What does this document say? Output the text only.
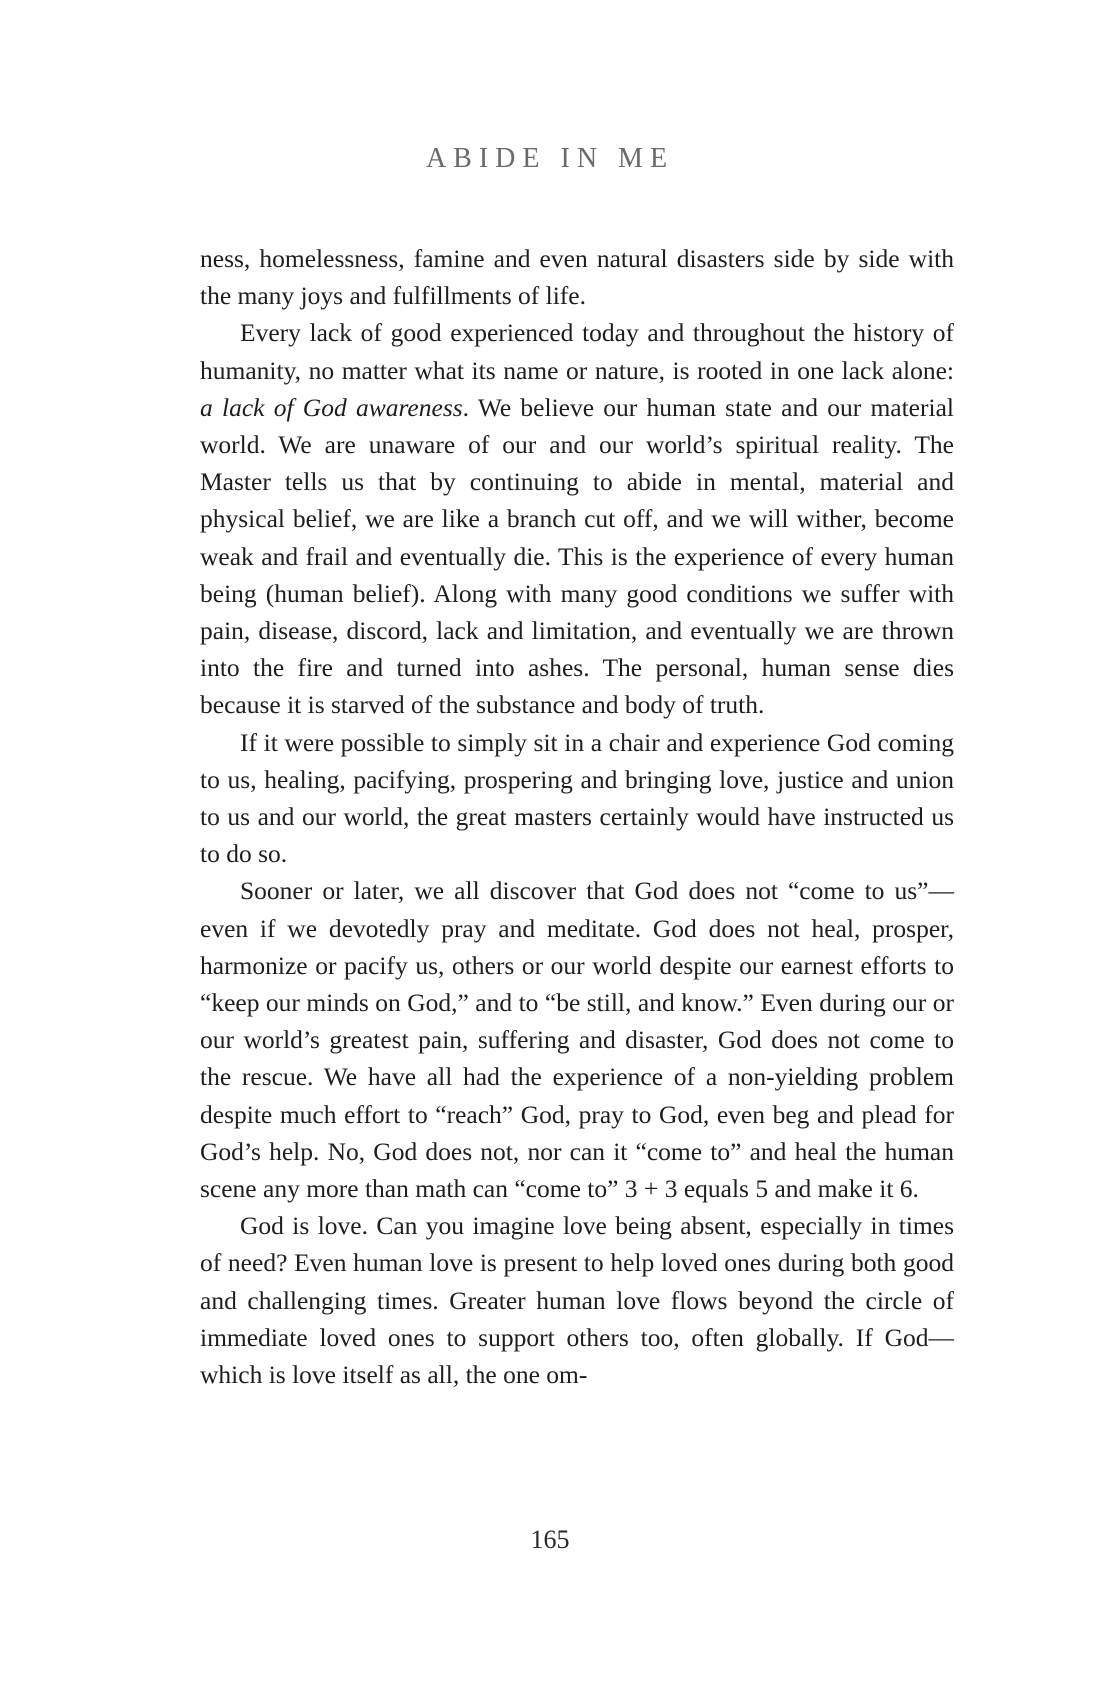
ABIDE IN ME

ness, homelessness, famine and even natural disasters side by side with the many joys and fulfillments of life.

Every lack of good experienced today and throughout the history of humanity, no matter what its name or nature, is rooted in one lack alone: a lack of God awareness. We believe our human state and our material world. We are unaware of our and our world’s spiritual reality. The Master tells us that by continuing to abide in mental, material and physical belief, we are like a branch cut off, and we will wither, become weak and frail and eventually die. This is the experience of every human being (human belief). Along with many good conditions we suffer with pain, disease, discord, lack and limitation, and eventually we are thrown into the fire and turned into ashes. The personal, human sense dies because it is starved of the substance and body of truth.

If it were possible to simply sit in a chair and experience God coming to us, healing, pacifying, prospering and bringing love, justice and union to us and our world, the great masters certainly would have instructed us to do so.

Sooner or later, we all discover that God does not “come to us”—even if we devotedly pray and meditate. God does not heal, prosper, harmonize or pacify us, others or our world despite our earnest efforts to “keep our minds on God,” and to “be still, and know.” Even during our or our world’s greatest pain, suffering and disaster, God does not come to the rescue. We have all had the experience of a non-yielding problem despite much effort to “reach” God, pray to God, even beg and plead for God’s help. No, God does not, nor can it “come to” and heal the human scene any more than math can “come to” 3 + 3 equals 5 and make it 6.

God is love. Can you imagine love being absent, especially in times of need? Even human love is present to help loved ones during both good and challenging times. Greater human love flows beyond the circle of immediate loved ones to support others too, often globally. If God—which is love itself as all, the one om-

165
